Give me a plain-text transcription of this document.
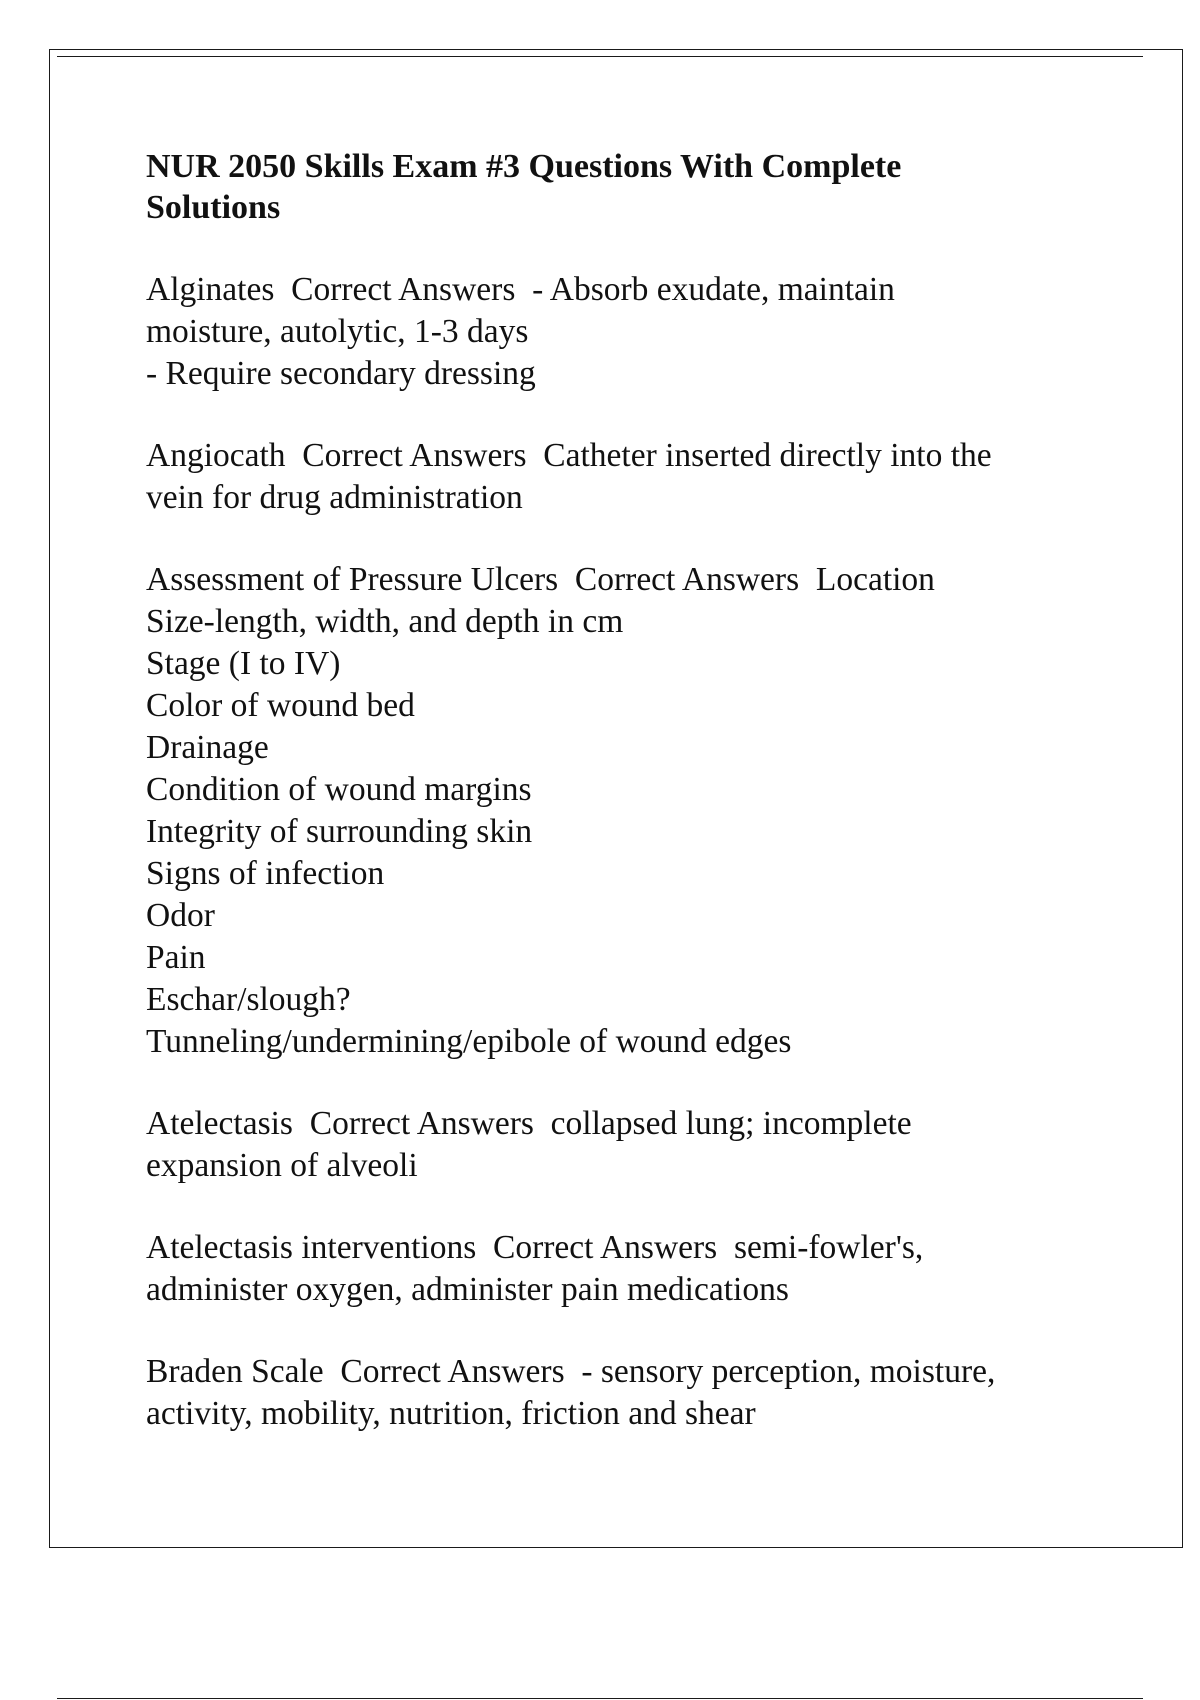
NUR 2050 Skills Exam #3 Questions With Complete
Solutions
Alginates  Correct Answers  - Absorb exudate, maintain
moisture, autolytic, 1-3 days
- Require secondary dressing
Angiocath  Correct Answers  Catheter inserted directly into the
vein for drug administration
Assessment of Pressure Ulcers  Correct Answers  Location
Size-length, width, and depth in cm
Stage (I to IV)
Color of wound bed
Drainage
Condition of wound margins
Integrity of surrounding skin
Signs of infection
Odor
Pain
Eschar/slough?
Tunneling/undermining/epibole of wound edges
Atelectasis  Correct Answers  collapsed lung; incomplete
expansion of alveoli
Atelectasis interventions  Correct Answers  semi-fowler's,
administer oxygen, administer pain medications
Braden Scale  Correct Answers  - sensory perception, moisture,
activity, mobility, nutrition, friction and shear
